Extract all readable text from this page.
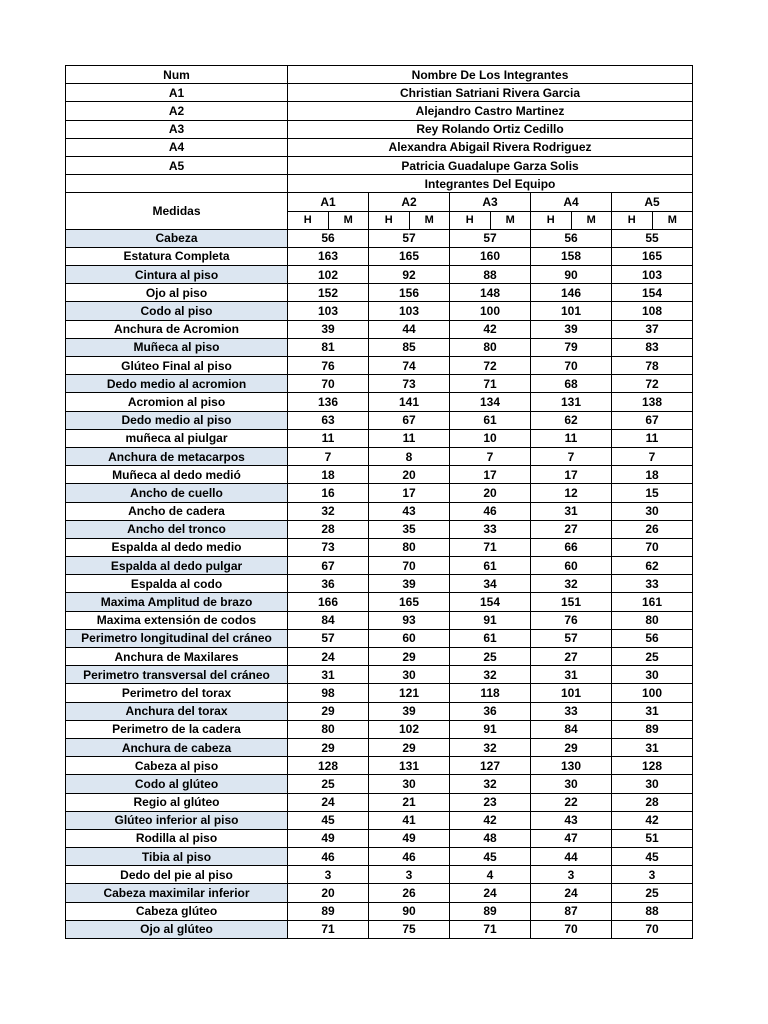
Num	Nombre De Los Integrantes									
A1	Christian Satriani Rivera Garcia									
A2	Alejandro Castro Martinez									
A3	Rey Rolando Ortiz Cedillo									
A4	Alexandra Abigail Rivera Rodriguez									
A5	Patricia Guadalupe Garza Solis									
	Integrantes Del Equipo									
Medidas	A1		A2		A3		A4		A5	
	H	M	H	M	H	M	H	M	H	M
Cabeza	56		57		57		56		55	
Estatura Completa	163		165		160		158		165	
Cintura al piso	102		92		88		90		103	
Ojo al piso	152		156		148		146		154	
Codo al piso	103		103		100		101		108	
Anchura de Acromion	39		44		42		39		37	
Muñeca al piso	81		85		80		79		83	
Glúteo Final al piso	76		74		72		70		78	
Dedo medio al acromion	70		73		71		68		72	
Acromion al piso	136		141		134		131		138	
Dedo medio al piso	63		67		61		62		67	
muñeca al piulgar	11		11		10		11		11	
Anchura de metacarpos	7		8		7		7		7	
Muñeca al dedo medió	18		20		17		17		18	
Ancho de cuello	16		17		20		12		15	
Ancho de cadera	32		43		46		31		30	
Ancho del tronco	28		35		33		27		26	
Espalda al dedo medio	73		80		71		66		70	
Espalda al dedo pulgar	67		70		61		60		62	
Espalda al codo	36		39		34		32		33	
Maxima Amplitud de brazo	166		165		154		151		161	
Maxima extensión de codos	84		93		91		76		80	
Perimetro longitudinal del cráneo	57		60		61		57		56	
Anchura de Maxilares	24		29		25		27		25	
Perimetro transversal del cráneo	31		30		32		31		30	
Perimetro del torax	98		121		118		101		100	
Anchura del torax	29		39		36		33		31	
Perimetro de la cadera	80		102		91		84		89	
Anchura de cabeza	29		29		32		29		31	
Cabeza al piso	128		131		127		130		128	
Codo al glúteo	25		30		32		30		30	
Regio al glúteo	24		21		23		22		28	
Glúteo inferior al piso	45		41		42		43		42	
Rodilla al piso	49		49		48		47		51	
Tibia al piso	46		46		45		44		45	
Dedo del pie al piso	3		3		4		3		3	
Cabeza maximilar inferior	20		26		24		24		25	
Cabeza glúteo	89		90		89		87		88	
Ojo al glúteo	71		75		71		70		70	
